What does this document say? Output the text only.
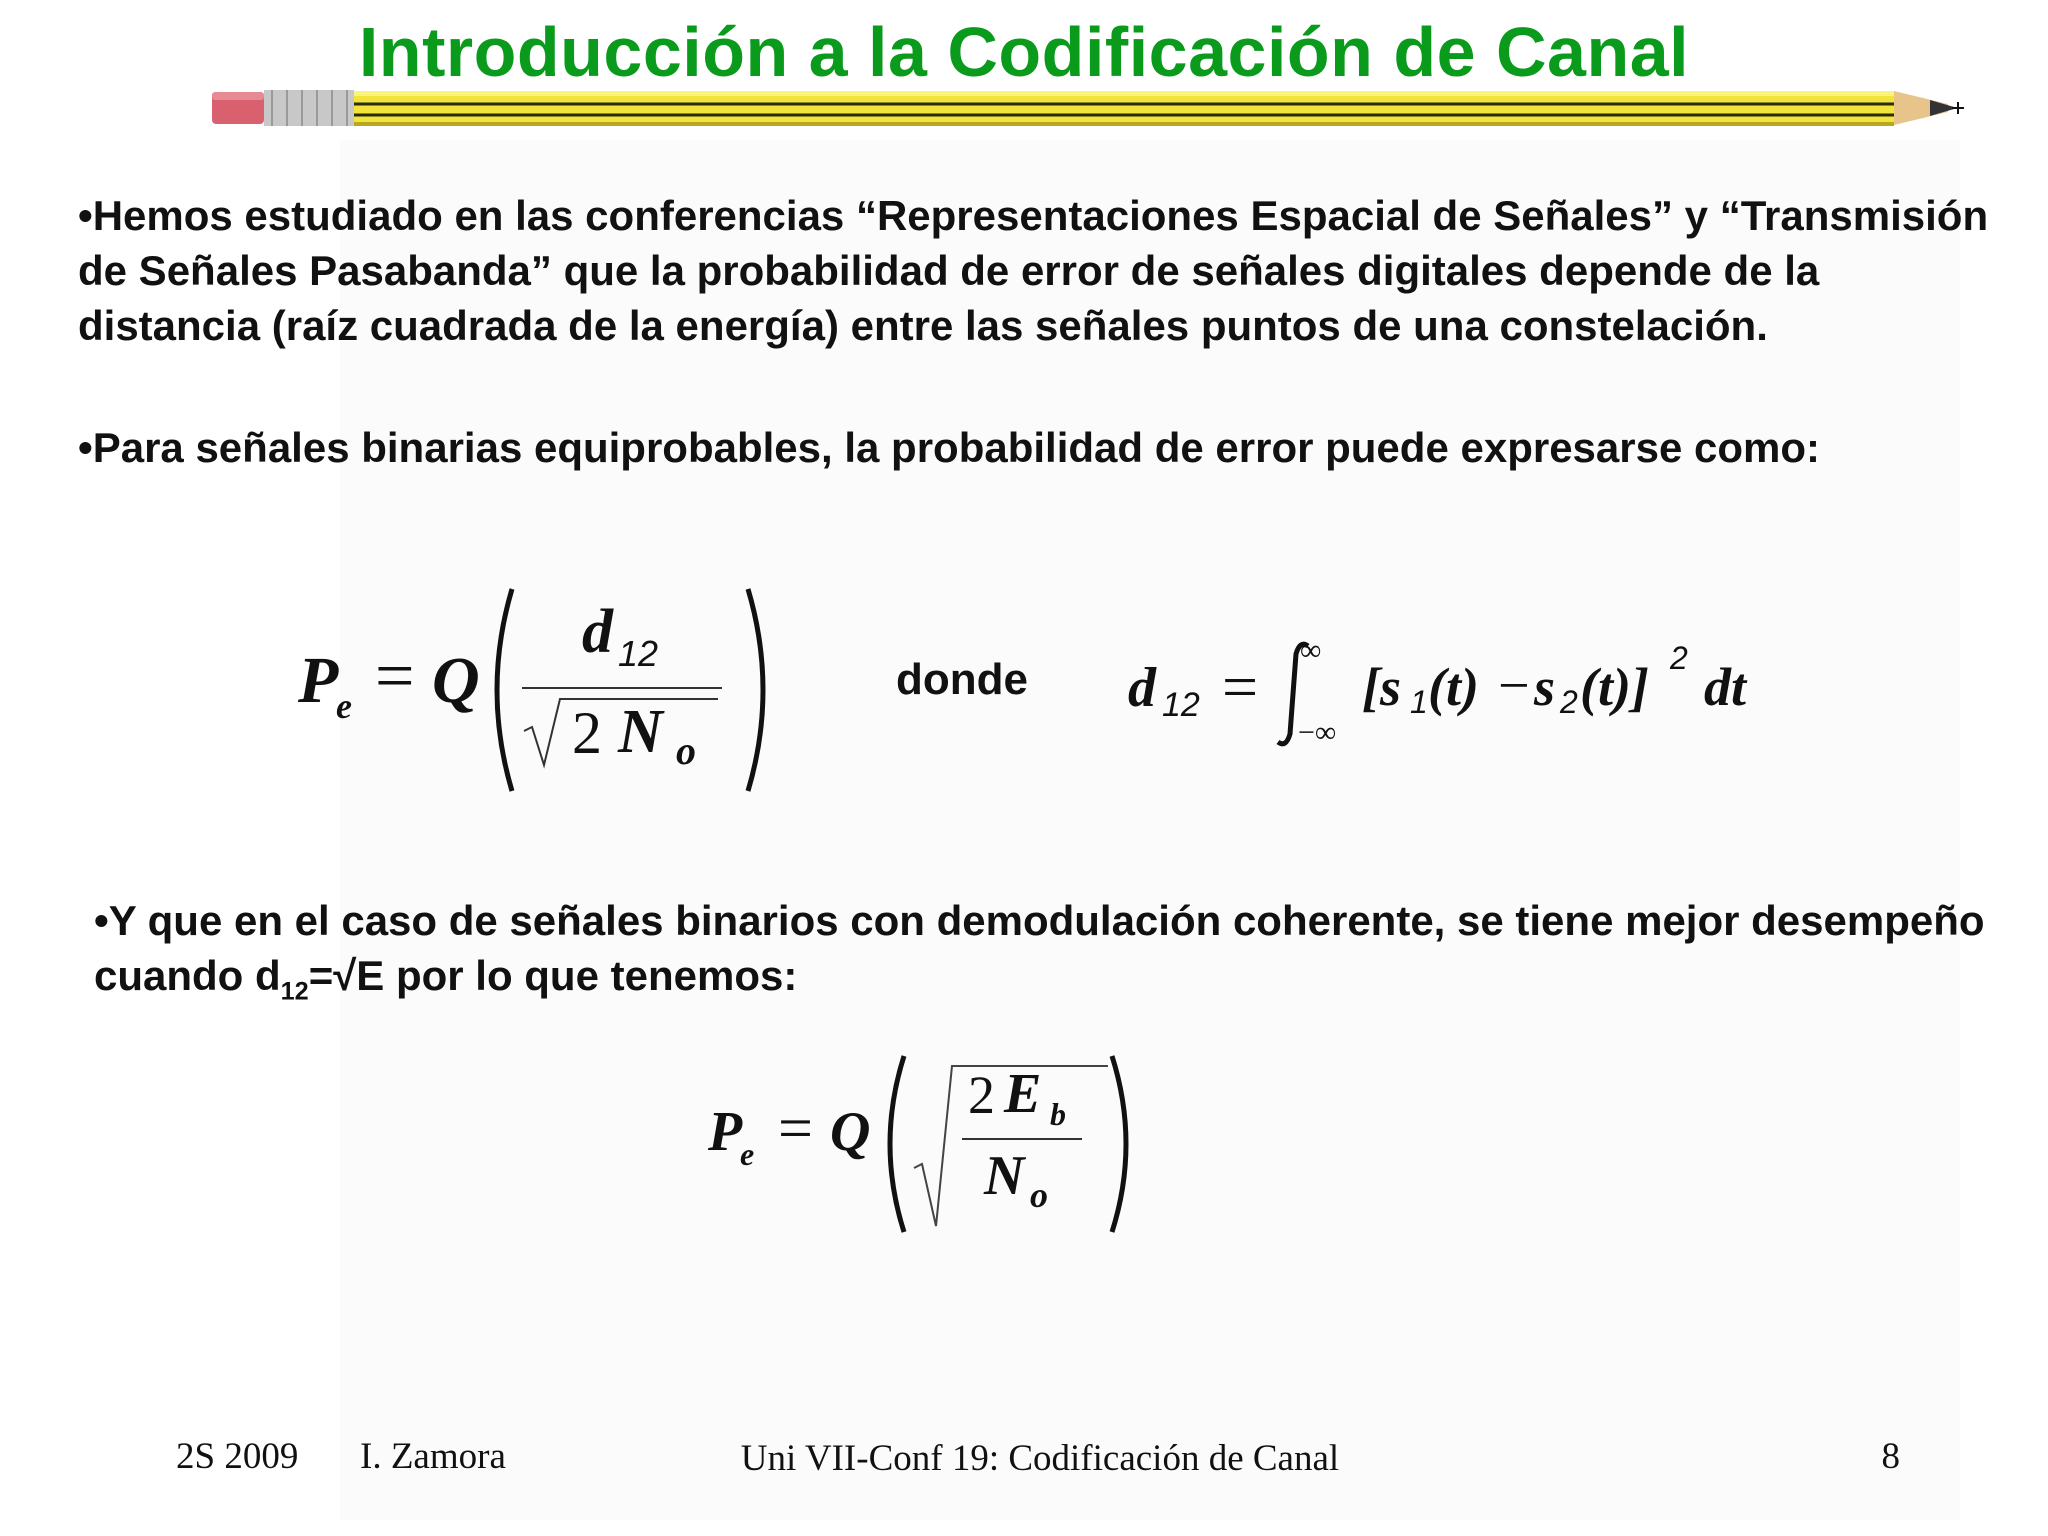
Introducción a la Codificación de Canal
•Hemos estudiado en las conferencias “Representaciones Espacial de Señales” y “Transmisión de Señales Pasabanda” que la probabilidad de error de señales digitales depende de la distancia (raíz cuadrada de la energía) entre las señales puntos de una constelación.
•Para señales binarias equiprobables, la probabilidad de error puede expresarse como:
P
e = Q
d 12
2 N o
donde d 12 =
∞
−∞
[s 1 (t) − s 2 (t)] 2 dt
•Y que en el caso de señales binarios con demodulación coherente, se tiene mejor desempeño cuando $d_{12}=√E$ por lo que tenemos:
P
e = Q
2 E b
N o
2S 2009 I. Zamora	Uni VII-Conf 19: Codificación de Canal	8
